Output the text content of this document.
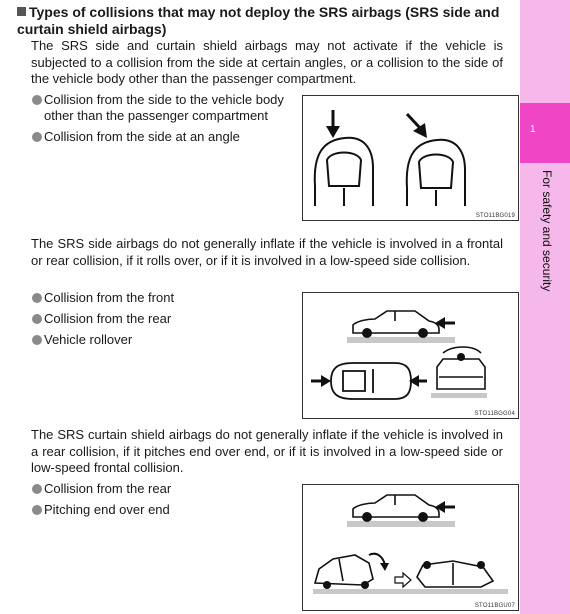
Types of collisions that may not deploy the SRS airbags (SRS side and curtain shield airbags)
The SRS side and curtain shield airbags may not activate if the vehicle is subjected to a collision from the side at certain angles, or a collision to the side of the vehicle body other than the passenger compartment.
Collision from the side to the vehicle body other than the passenger compartment
Collision from the side at an angle
STO11BG019
The SRS side airbags do not generally inflate if the vehicle is involved in a frontal or rear collision, if it rolls over, or if it is involved in a low-speed side collision.
Collision from the front
Collision from the rear
Vehicle rollover
STO11BGG04
The SRS curtain shield airbags do not generally inflate if the vehicle is involved in a rear collision, if it pitches end over end, or if it is involved in a low-speed side or low-speed frontal collision.
Collision from the rear
Pitching end over end
STO11BGU07
1
For safety and security
